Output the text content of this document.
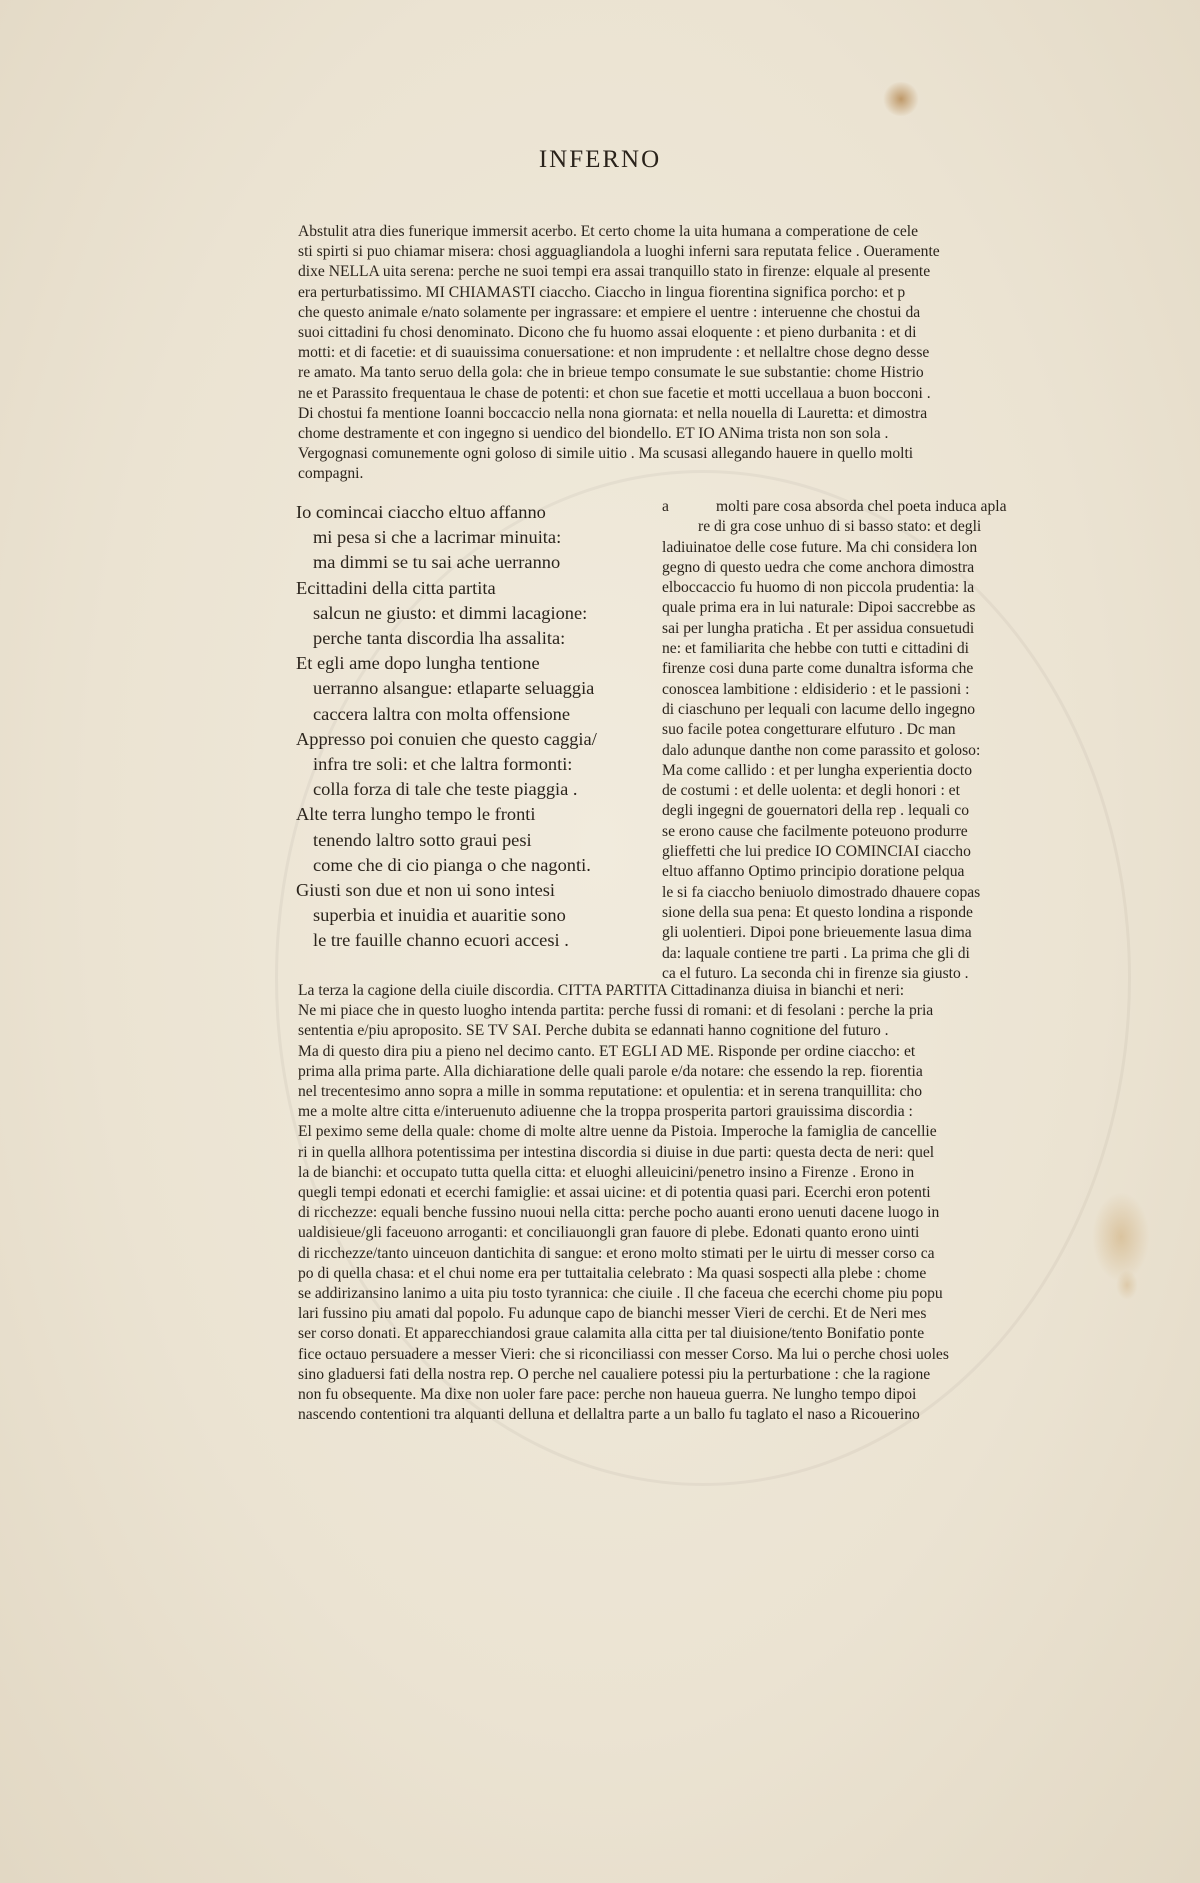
INFERNO
Abstulit atra dies funerique immersit acerbo. Et certo chome la uita humana a comperatione de cele
sti spirti si puo chiamar misera: chosi agguagliandola a luoghi inferni sara reputata felice . Oueramente
dixe NELLA uita serena: perche ne suoi tempi era assai tranquillo stato in firenze: elquale al presente
era perturbatissimo. MI CHIAMASTI ciaccho. Ciaccho in lingua fiorentina significa porcho: et p
che questo animale e/nato solamente per ingrassare: et empiere el uentre : interuenne che chostui da
suoi cittadini fu chosi denominato. Dicono che fu huomo assai eloquente : et pieno durbanita : et di
motti: et di facetie: et di suauissima conuersatione: et non imprudente : et nellaltre chose degno desse
re amato. Ma tanto seruo della gola: che in brieue tempo consumate le sue substantie: chome Histrio
ne et Parassito frequentaua le chase de potenti: et chon sue facetie et motti uccellaua a buon bocconi .
Di chostui fa mentione Ioanni boccaccio nella nona giornata: et nella nouella di Lauretta: et dimostra
chome destramente et con ingegno si uendico del biondello. ET IO ANima trista non son sola .
Vergognasi comunemente ogni goloso di simile uitio . Ma scusasi allegando hauere in quello molti
compagni.
Io comincai ciaccho eltuo affanno
mi pesa si che a lacrimar minuita:
ma dimmi se tu sai ache uerranno
Ecittadini della citta partita
salcun ne giusto: et dimmi lacagione:
perche tanta discordia lha assalita:
Et egli ame dopo lungha tentione
uerranno alsangue: etlaparte seluaggia
caccera laltra con molta offensione
Appresso poi conuien che questo caggia/
infra tre soli: et che laltra formonti:
colla forza di tale che teste piaggia .
Alte terra lungho tempo le fronti
tenendo laltro sotto graui pesi
come che di cio pianga o che nagonti.
Giusti son due et non ui sono intesi
superbia et inuidia et auaritie sono
le tre fauille channo ecuori accesi .
a	molti pare cosa absorda chel poeta induca apla
re di gra cose unhuo di si basso stato: et degli
ladiuinatoe delle cose future. Ma chi considera lon
gegno di questo uedra che come anchora dimostra
elboccaccio fu huomo di non piccola prudentia: la
quale prima era in lui naturale: Dipoi saccrebbe as
sai per lungha praticha . Et per assidua consuetudi
ne: et familiarita che hebbe con tutti e cittadini di
firenze cosi duna parte come dunaltra isforma che
conoscea lambitione : eldisiderio : et le passioni :
di ciaschuno per lequali con lacume dello ingegno
suo facile potea congetturare elfuturo . Dc man
dalo adunque danthe non come parassito et goloso:
Ma come callido : et per lungha experientia docto
de costumi : et delle uolenta: et degli honori : et
degli ingegni de gouernatori della rep . lequali co
se erono cause che facilmente poteuono produrre
glieffetti che lui predice IO COMINCIAI ciaccho
eltuo affanno Optimo principio doratione pelqua
le si fa ciaccho beniuolo dimostrado dhauere copas
sione della sua pena: Et questo londina a risponde
gli uolentieri. Dipoi pone brieuemente lasua dima
da: laquale contiene tre parti . La prima che gli di
ca el futuro. La seconda chi in firenze sia giusto .
La terza la cagione della ciuile discordia. CITTA PARTITA Cittadinanza diuisa in bianchi et neri:
Ne mi piace che in questo luogho intenda partita: perche fussi di romani: et di fesolani : perche la pria
sententia e/piu aproposito. SE TV SAI. Perche dubita se edannati hanno cognitione del futuro .
Ma di questo dira piu a pieno nel decimo canto. ET EGLI AD ME. Risponde per ordine ciaccho: et
prima alla prima parte. Alla dichiaratione delle quali parole e/da notare: che essendo la rep. fiorentia
nel trecentesimo anno sopra a mille in somma reputatione: et opulentia: et in serena tranquillita: cho
me a molte altre citta e/interuenuto adiuenne che la troppa prosperita partori grauissima discordia :
El peximo seme della quale: chome di molte altre uenne da Pistoia. Imperoche la famiglia de cancellie
ri in quella allhora potentissima per intestina discordia si diuise in due parti: questa decta de neri: quel
la de bianchi: et occupato tutta quella citta: et eluoghi alleuicini/penetro insino a Firenze . Erono in
quegli tempi edonati et ecerchi famiglie: et assai uicine: et di potentia quasi pari. Ecerchi eron potenti
di ricchezze: equali benche fussino nuoui nella citta: perche pocho auanti erono uenuti dacene luogo in
ualdisieue/gli faceuono arroganti: et conciliauongli gran fauore di plebe. Edonati quanto erono uinti
di ricchezze/tanto uinceuon dantichita di sangue: et erono molto stimati per le uirtu di messer corso ca
po di quella chasa: et el chui nome era per tuttaitalia celebrato : Ma quasi sospecti alla plebe : chome
se addirizansino lanimo a uita piu tosto tyrannica: che ciuile . Il che faceua che ecerchi chome piu popu
lari fussino piu amati dal popolo. Fu adunque capo de bianchi messer Vieri de cerchi. Et de Neri mes
ser corso donati. Et apparecchiandosi graue calamita alla citta per tal diuisione/tento Bonifatio ponte
fice octauo persuadere a messer Vieri: che si riconciliassi con messer Corso. Ma lui o perche chosi uoles
sino gladuersi fati della nostra rep. O perche nel caualiere potessi piu la perturbatione : che la ragione
non fu obsequente. Ma dixe non uoler fare pace: perche non haueua guerra. Ne lungho tempo dipoi
nascendo contentioni tra alquanti delluna et dellaltra parte a un ballo fu taglato el naso a Ricouerino
